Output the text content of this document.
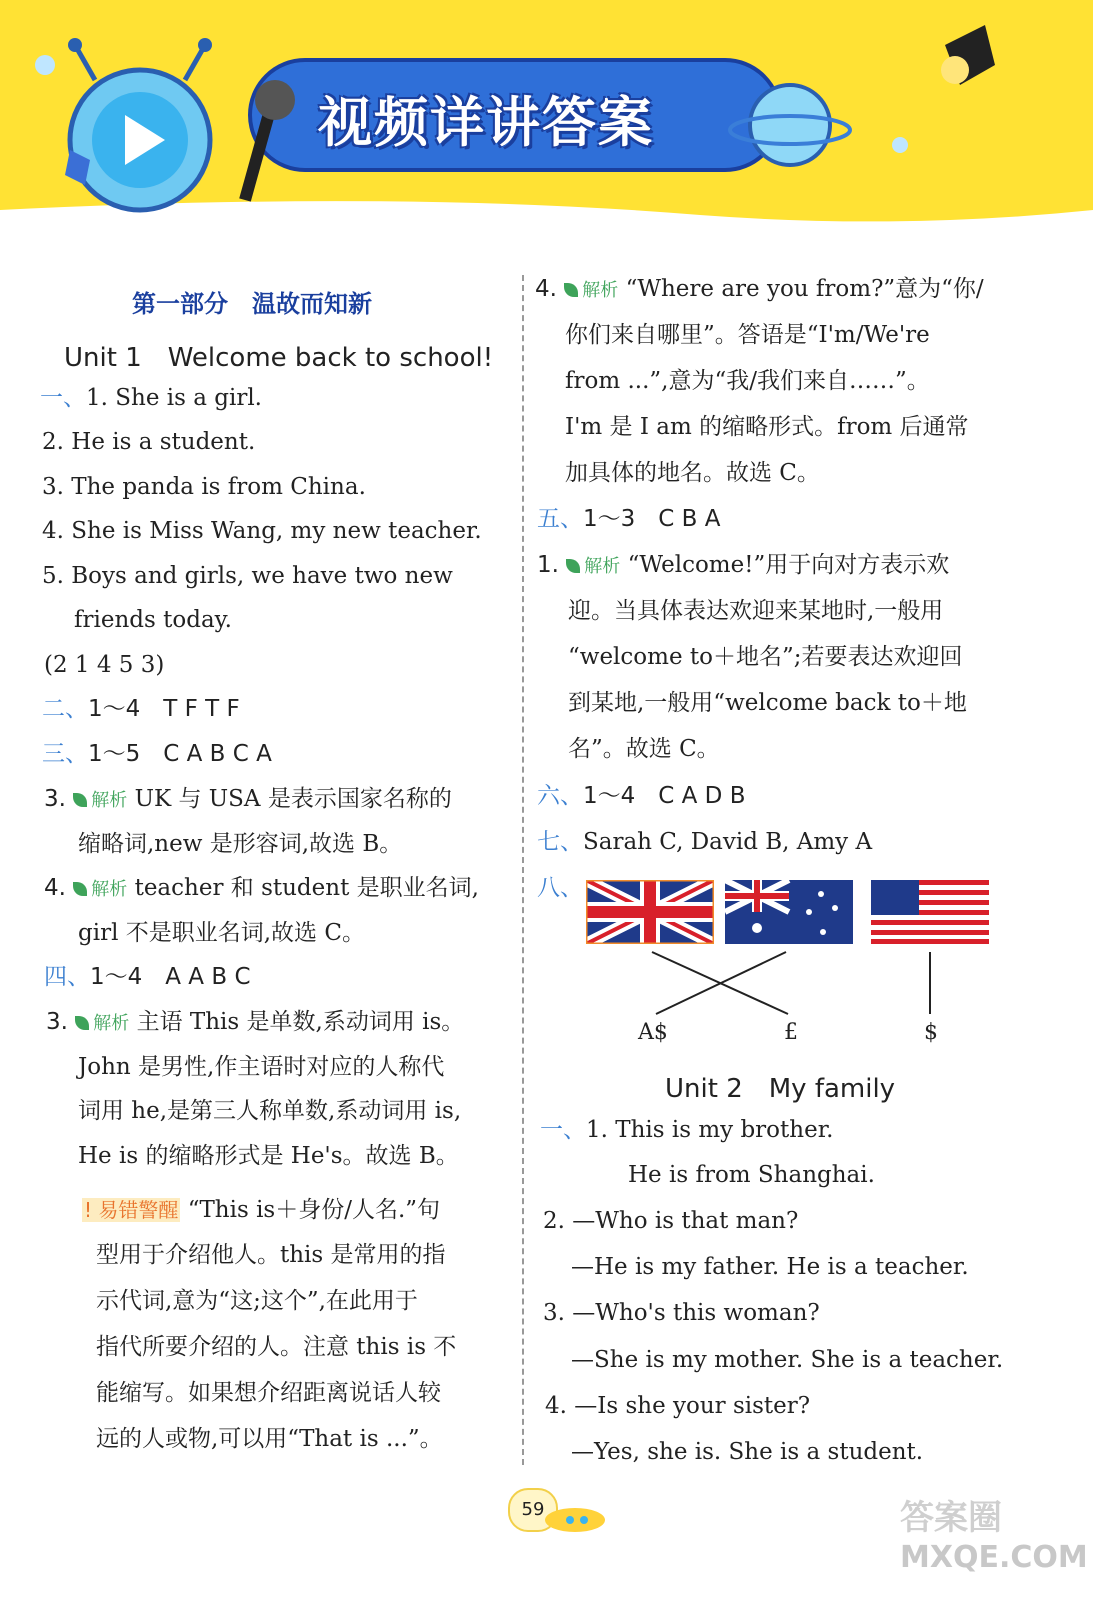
视频详讲答案
第一部分　温故而知新
Unit 1　Welcome back to school!
一、1. She is a girl.
2. He is a student.
3. The panda is from China.
4. She is Miss Wang, my new teacher.
5. Boys and girls, we have two new
friends today.
(2 1 4 5 3)
二、1～4　T F T F
三、1～5　C A B C A
3. 解析 UK 与 USA 是表示国家名称的
缩略词,new 是形容词,故选 B。
4. 解析 teacher 和 student 是职业名词,
girl 不是职业名词,故选 C。
四、1～4　A A B C
3. 解析 主语 This 是单数,系动词用 is。
John 是男性,作主语时对应的人称代
词用 he,是第三人称单数,系动词用 is,
He is 的缩略形式是 He's。故选 B。
! 易错警醒 “This is＋身份/人名.”句
型用于介绍他人。this 是常用的指
示代词,意为“这;这个”,在此用于
指代所要介绍的人。注意 this is 不
能缩写。如果想介绍距离说话人较
远的人或物,可以用“That is ...”。
4. 解析 “Where are you from?”意为“你/
你们来自哪里”。答语是“I'm/We're
from ...”,意为“我/我们来自……”。
I'm 是 I am 的缩略形式。from 后通常
加具体的地名。故选 C。
五、1～3　C B A
1. 解析 “Welcome!”用于向对方表示欢
迎。当具体表达欢迎来某地时,一般用
“welcome to＋地名”;若要表达欢迎回
到某地,一般用“welcome back to＋地
名”。故选 C。
六、1～4　C A D B
七、Sarah C, David B, Amy A
八、
A$	£	$
Unit 2　My family
一、1. This is my brother.
He is from Shanghai.
2. —Who is that man?
—He is my father. He is a teacher.
3. —Who's this woman?
—She is my mother. She is a teacher.
4. —Is she your sister?
—Yes, she is. She is a student.
59	答案圈
MXQE.COM
